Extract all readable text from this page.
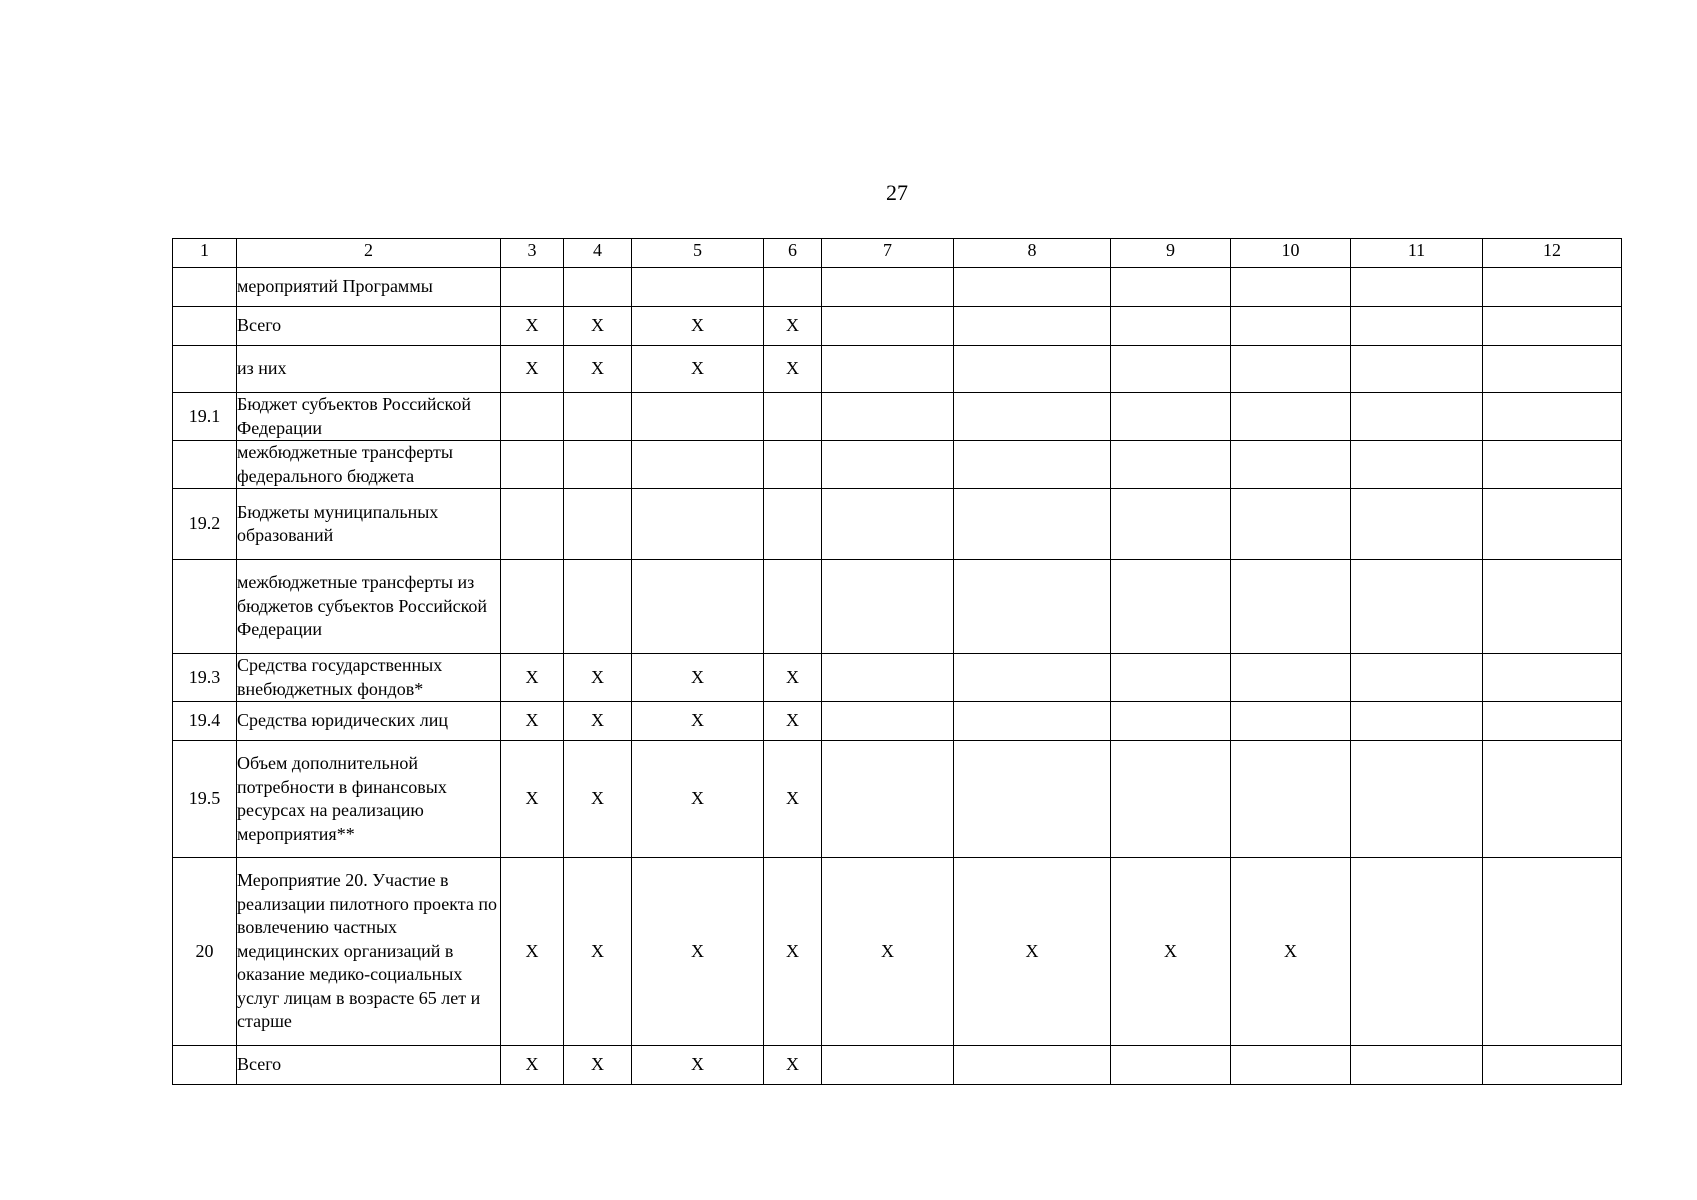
27
1	2	3	4	5	6	7	8	9	10	11	12
	мероприятий Программы										
	Всего	X	X	X	X						
	из них	X	X	X	X						
19.1	Бюджет субъектов Российской Федерации										
	межбюджетные трансферты федерального бюджета										
19.2	Бюджеты муниципальных образований										
	межбюджетные трансферты из бюджетов субъектов Российской Федерации										
19.3	Средства государственных внебюджетных фондов*	X	X	X	X						
19.4	Средства юридических лиц	X	X	X	X						
19.5	Объем дополнительной потребности в финансовых ресурсах на реализацию мероприятия**	X	X	X	X						
20	Мероприятие 20. Участие в реализации пилотного проекта по вовлечению частных медицинских организаций в оказание медико-социальных услуг лицам в возрасте 65 лет и старше	X	X	X	X	X	X	X	X		
	Всего	X	X	X	X						
